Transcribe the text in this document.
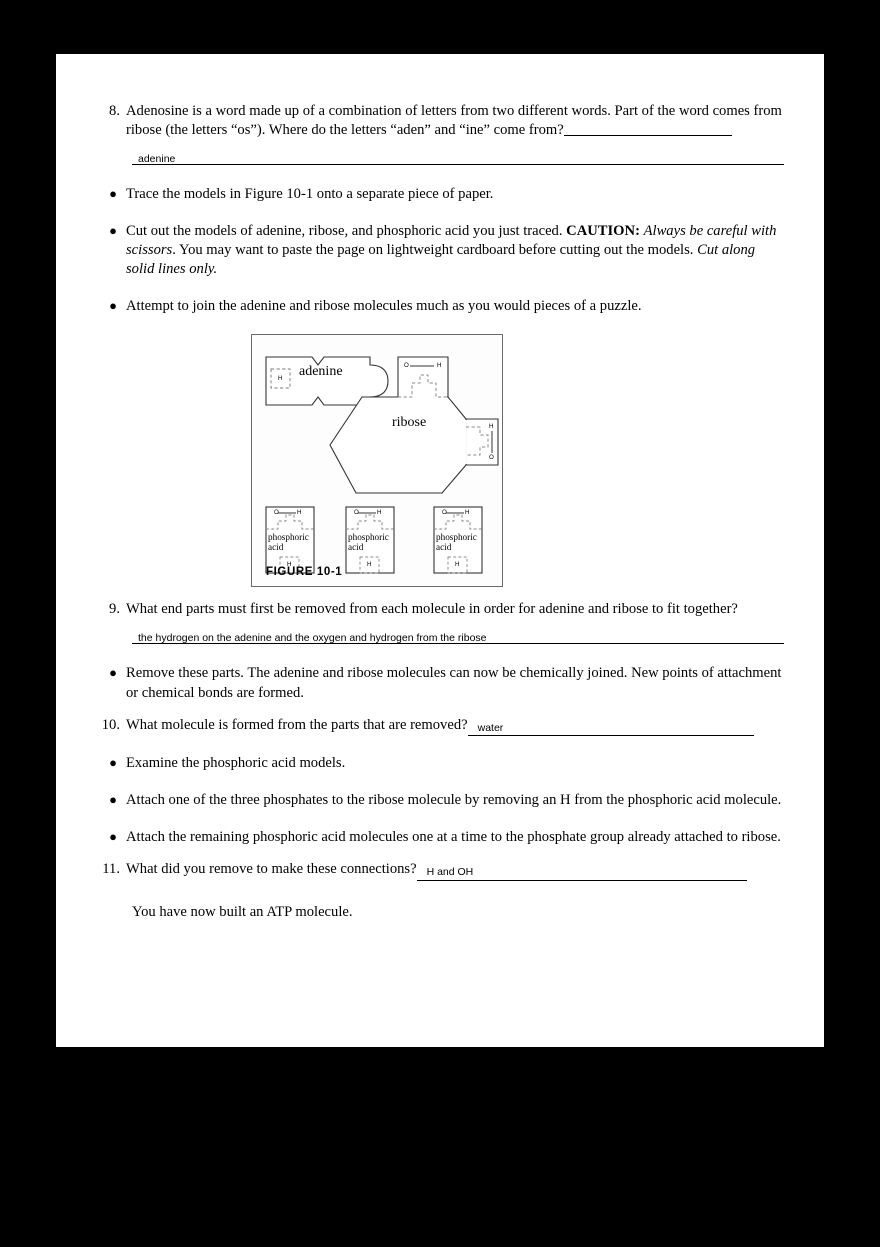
8. Adenosine is a word made up of a combination of letters from two different words. Part of the word comes from ribose (the letters “os”). Where do the letters “aden” and “ine” come from?
adenine
● Trace the models in Figure 10-1 onto a separate piece of paper.
● Cut out the models of adenine, ribose, and phosphoric acid you just traced. CAUTION: Always be careful with scissors. You may want to paste the page on lightweight cardboard before cutting out the models. Cut along solid lines only.
● Attempt to join the adenine and ribose molecules much as you would pieces of a puzzle.
adenine
H
ribose
O	H
H
O
phosphoric
acid
O	H
H
phosphoric
acid
O	H
H
phosphoric
acid
O	H
H
FIGURE 10-1
9. What end parts must first be removed from each molecule in order for adenine and ribose to fit together?
the hydrogen on the adenine and the oxygen and hydrogen from the ribose
● Remove these parts. The adenine and ribose molecules can now be chemically joined. New points of attachment or chemical bonds are formed.
10. What molecule is formed from the parts that are removed? water
● Examine the phosphoric acid models.
● Attach one of the three phosphates to the ribose molecule by removing an H from the phosphoric acid molecule.
● Attach the remaining phosphoric acid molecules one at a time to the phosphate group already attached to ribose.
11. What did you remove to make these connections? H and OH
You have now built an ATP molecule.
